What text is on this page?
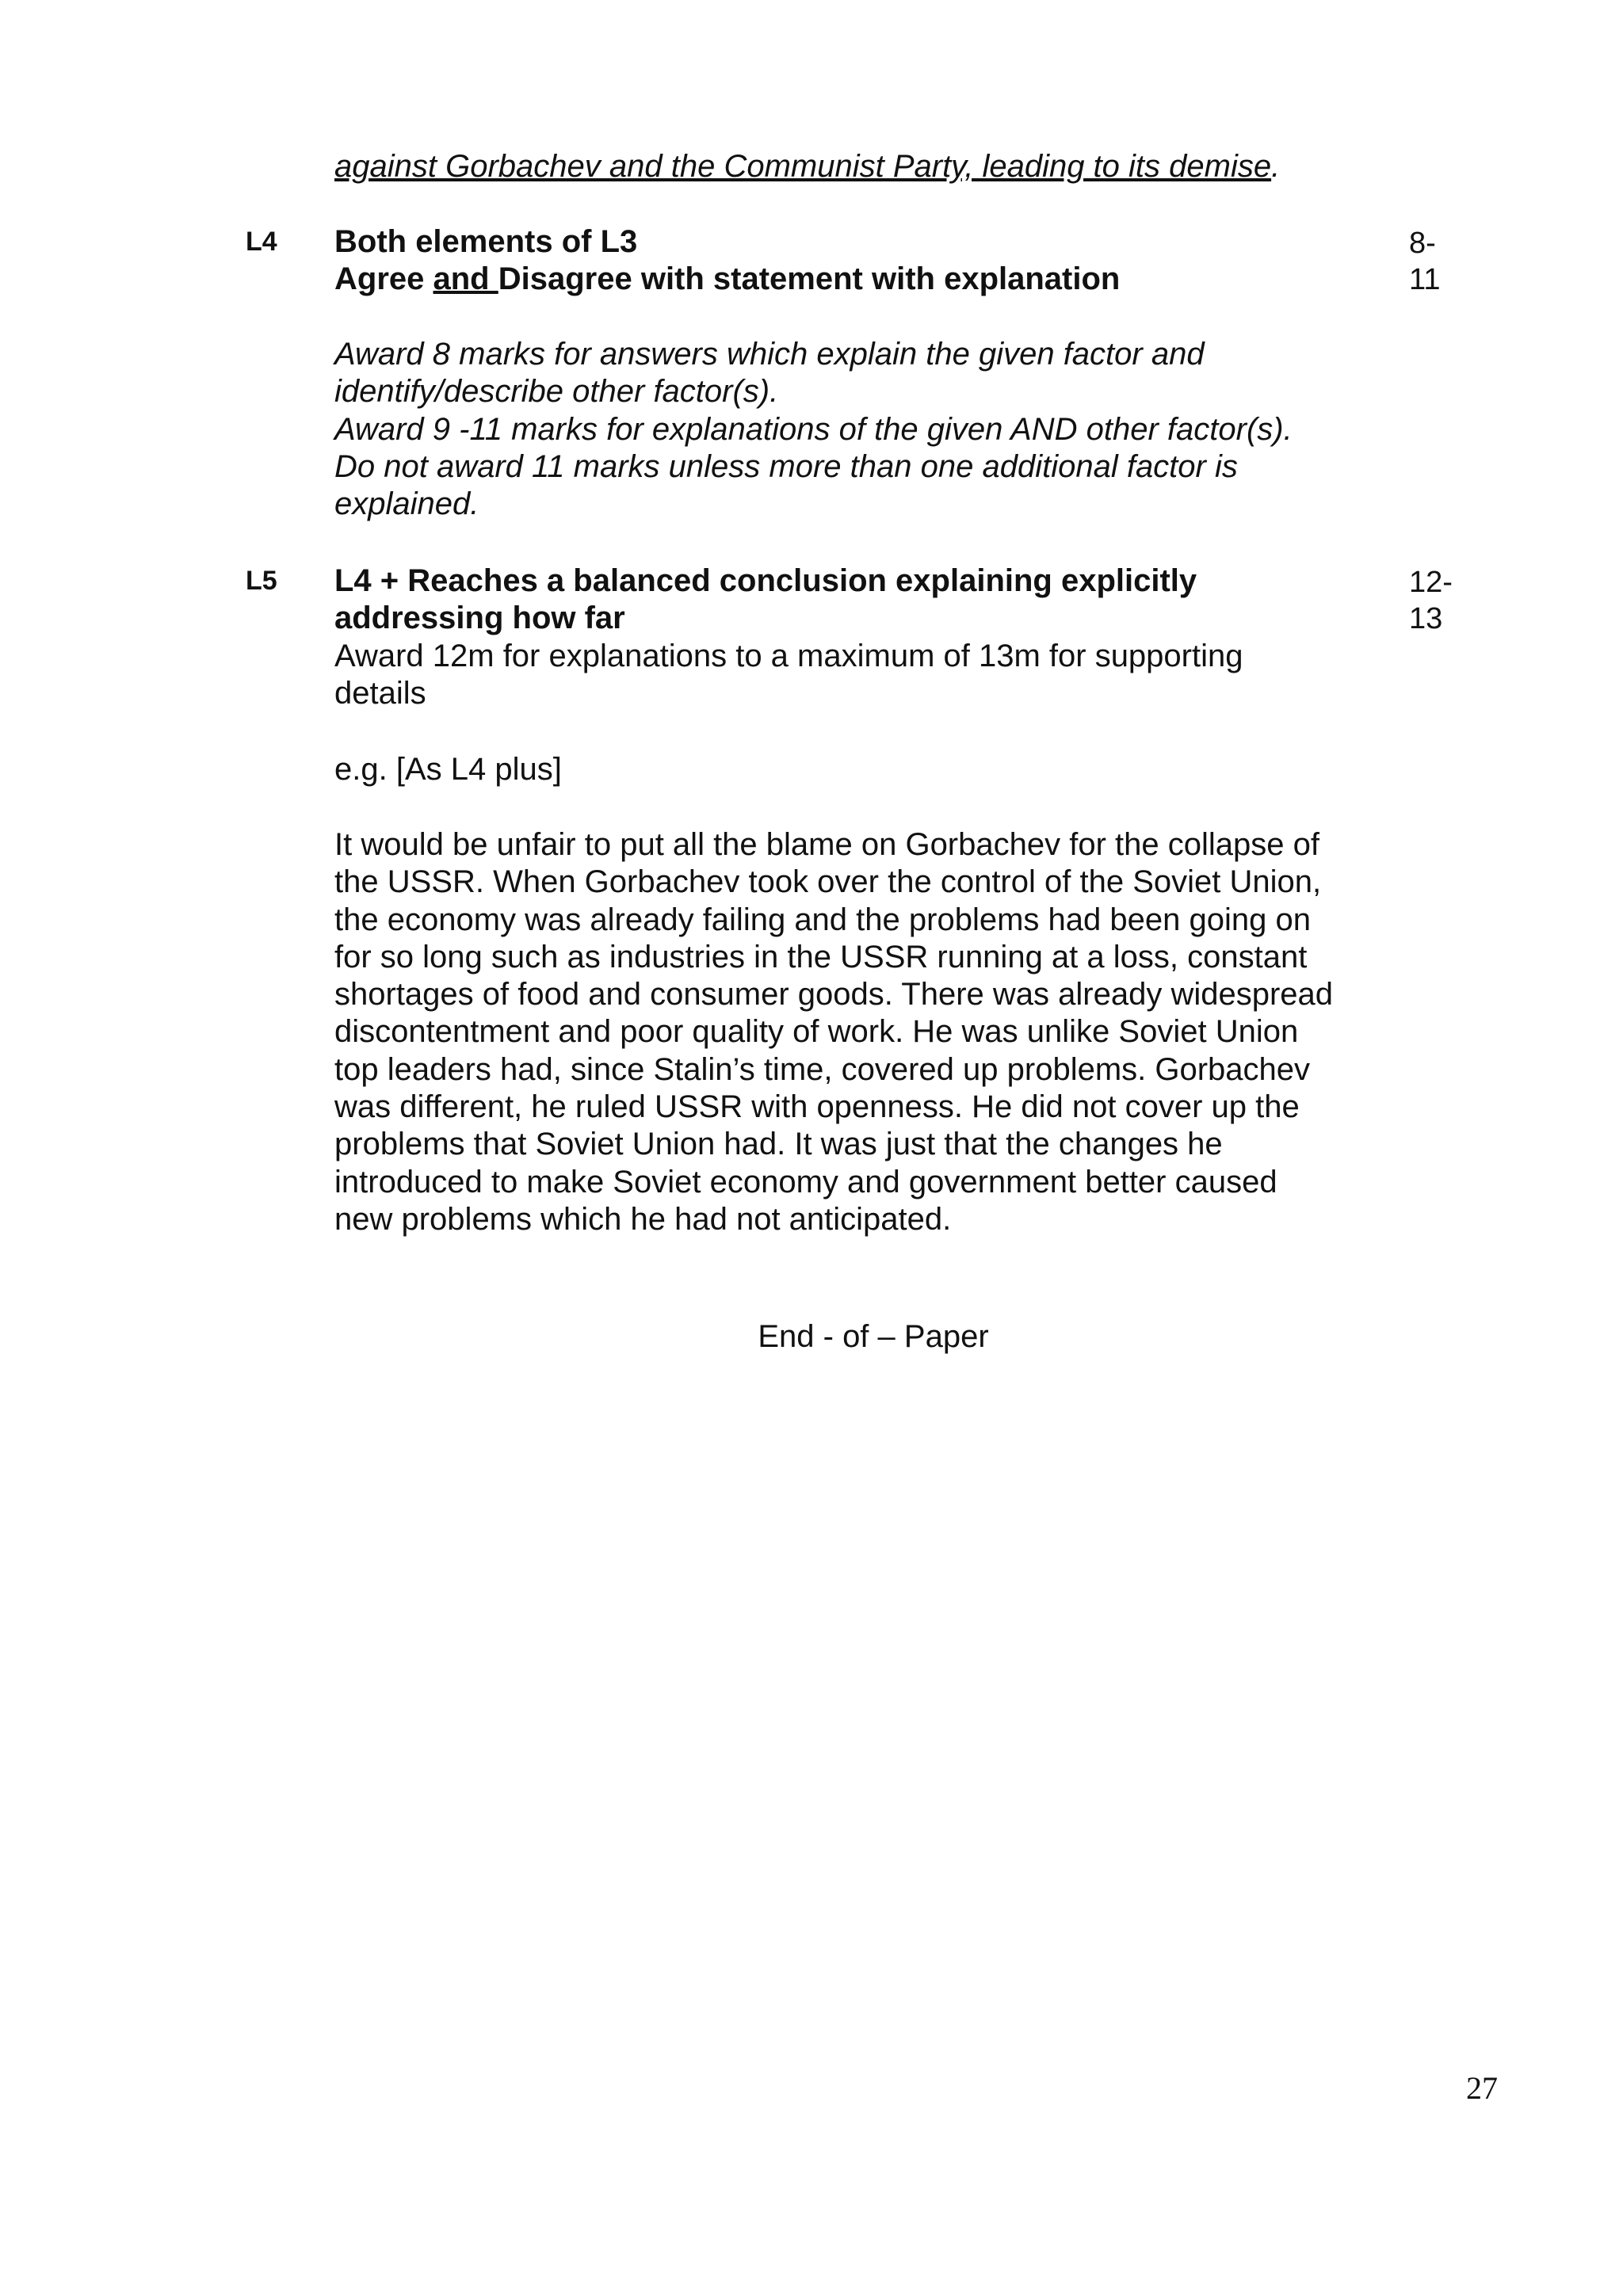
against Gorbachev and the Communist Party, leading to its demise.
L4	8-
11
Both elements of L3
Agree and Disagree with statement with explanation
Award 8 marks for answers which explain the given factor and
identify/describe other factor(s).
Award 9 -11 marks for explanations of the given AND other factor(s).
Do not award 11 marks unless more than one additional factor is
explained.
L5	12-
13
L4 + Reaches a balanced conclusion explaining explicitly
addressing how far
Award 12m for explanations to a maximum of 13m for supporting
details
e.g. [As L4 plus]
It would be unfair to put all the blame on Gorbachev for the collapse of
the USSR. When Gorbachev took over the control of the Soviet Union,
the economy was already failing and the problems had been going on
for so long such as industries in the USSR running at a loss, constant
shortages of food and consumer goods. There was already widespread
discontentment and poor quality of work. He was unlike Soviet Union
top leaders had, since Stalin’s time, covered up problems. Gorbachev
was different, he ruled USSR with openness. He did not cover up the
problems that Soviet Union had. It was just that the changes he
introduced to make Soviet economy and government better caused
new problems which he had not anticipated.
End - of – Paper
27
